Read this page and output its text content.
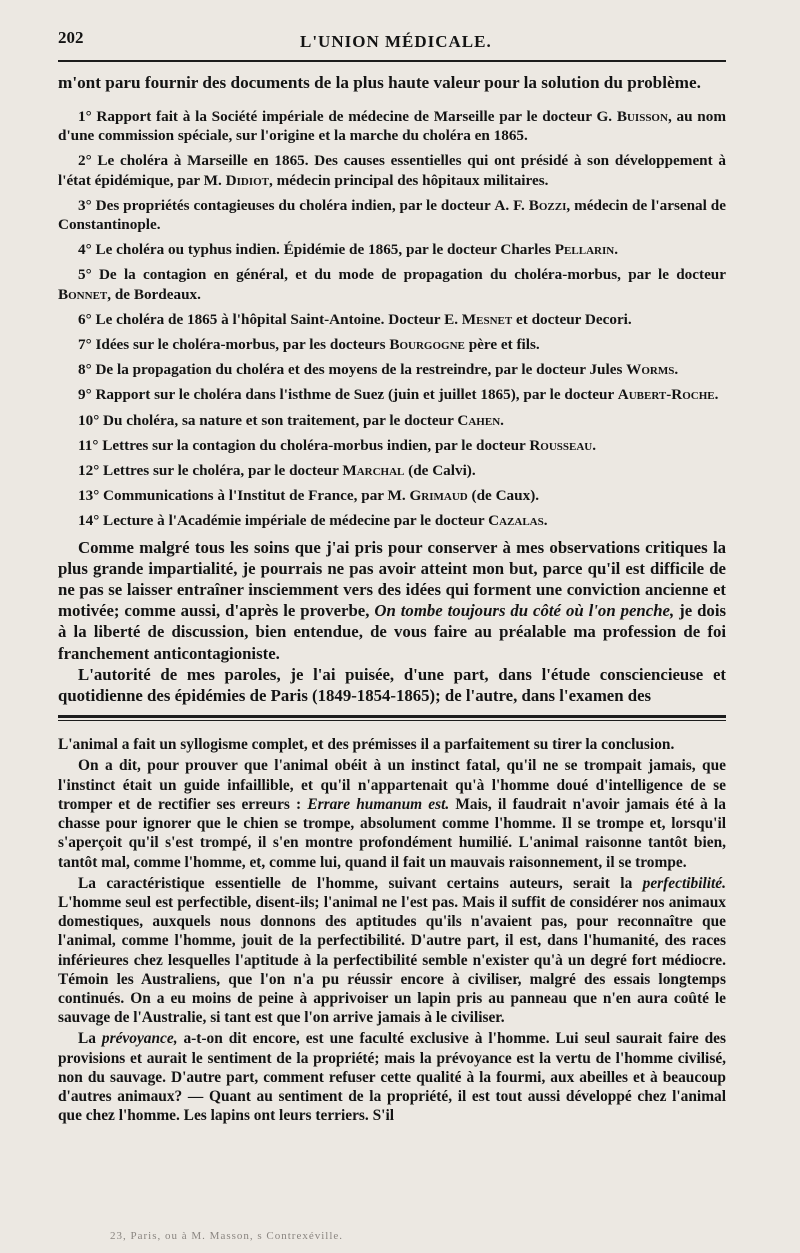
202	L'UNION MÉDICALE.

m'ont paru fournir des documents de la plus haute valeur pour la solution du problème.

1° Rapport fait à la Société impériale de médecine de Marseille par le docteur G. Buisson, au nom d'une commission spéciale, sur l'origine et la marche du choléra en 1865.

2° Le choléra à Marseille en 1865. Des causes essentielles qui ont présidé à son développement à l'état épidémique, par M. Didiot, médecin principal des hôpitaux militaires.

3° Des propriétés contagieuses du choléra indien, par le docteur A. F. Bozzi, médecin de l'arsenal de Constantinople.

4° Le choléra ou typhus indien. Épidémie de 1865, par le docteur Charles Pellarin.

5° De la contagion en général, et du mode de propagation du choléra-morbus, par le docteur Bonnet, de Bordeaux.

6° Le choléra de 1865 à l'hôpital Saint-Antoine. Docteur E. Mesnet et docteur Decori.

7° Idées sur le choléra-morbus, par les docteurs Bourgogne père et fils.

8° De la propagation du choléra et des moyens de la restreindre, par le docteur Jules Worms.

9° Rapport sur le choléra dans l'isthme de Suez (juin et juillet 1865), par le docteur Aubert-Roche.

10° Du choléra, sa nature et son traitement, par le docteur Cahen.

11° Lettres sur la contagion du choléra-morbus indien, par le docteur Rousseau.

12° Lettres sur le choléra, par le docteur Marchal (de Calvi).

13° Communications à l'Institut de France, par M. Grimaud (de Caux).

14° Lecture à l'Académie impériale de médecine par le docteur Cazalas.

Comme malgré tous les soins que j'ai pris pour conserver à mes observations critiques la plus grande impartialité, je pourrais ne pas avoir atteint mon but, parce qu'il est difficile de ne pas se laisser entraîner insciemment vers des idées qui forment une conviction ancienne et motivée; comme aussi, d'après le proverbe, On tombe toujours du côté où l'on penche, je dois à la liberté de discussion, bien entendue, de vous faire au préalable ma profession de foi franchement anticontagioniste.

L'autorité de mes paroles, je l'ai puisée, d'une part, dans l'étude consciencieuse et quotidienne des épidémies de Paris (1849-1854-1865); de l'autre, dans l'examen des

L'animal a fait un syllogisme complet, et des prémisses il a parfaitement su tirer la conclusion.

On a dit, pour prouver que l'animal obéit à un instinct fatal, qu'il ne se trompait jamais, que l'instinct était un guide infaillible, et qu'il n'appartenait qu'à l'homme doué d'intelligence de se tromper et de rectifier ses erreurs : Errare humanum est. Mais, il faudrait n'avoir jamais été à la chasse pour ignorer que le chien se trompe, absolument comme l'homme. Il se trompe et, lorsqu'il s'aperçoit qu'il s'est trompé, il s'en montre profondément humilié. L'animal raisonne tantôt bien, tantôt mal, comme l'homme, et, comme lui, quand il fait un mauvais raisonnement, il se trompe.

La caractéristique essentielle de l'homme, suivant certains auteurs, serait la perfectibilité. L'homme seul est perfectible, disent-ils; l'animal ne l'est pas. Mais il suffit de considérer nos animaux domestiques, auxquels nous donnons des aptitudes qu'ils n'avaient pas, pour reconnaître que l'animal, comme l'homme, jouit de la perfectibilité. D'autre part, il est, dans l'humanité, des races inférieures chez lesquelles l'aptitude à la perfectibilité semble n'exister qu'à un degré fort médiocre. Témoin les Australiens, que l'on n'a pu réussir encore à civiliser, malgré des essais longtemps continués. On a eu moins de peine à apprivoiser un lapin pris au panneau que n'en aura coûté le sauvage de l'Australie, si tant est que l'on arrive jamais à le civiliser.

La prévoyance, a-t-on dit encore, est une faculté exclusive à l'homme. Lui seul saurait faire des provisions et aurait le sentiment de la propriété; mais la prévoyance est la vertu de l'homme civilisé, non du sauvage. D'autre part, comment refuser cette qualité à la fourmi, aux abeilles et à beaucoup d'autres animaux? — Quant au sentiment de la propriété, il est tout aussi développé chez l'animal que chez l'homme. Les lapins ont leurs terriers. S'il

23, Paris, ou à M. Masson, s Contrexéville.
